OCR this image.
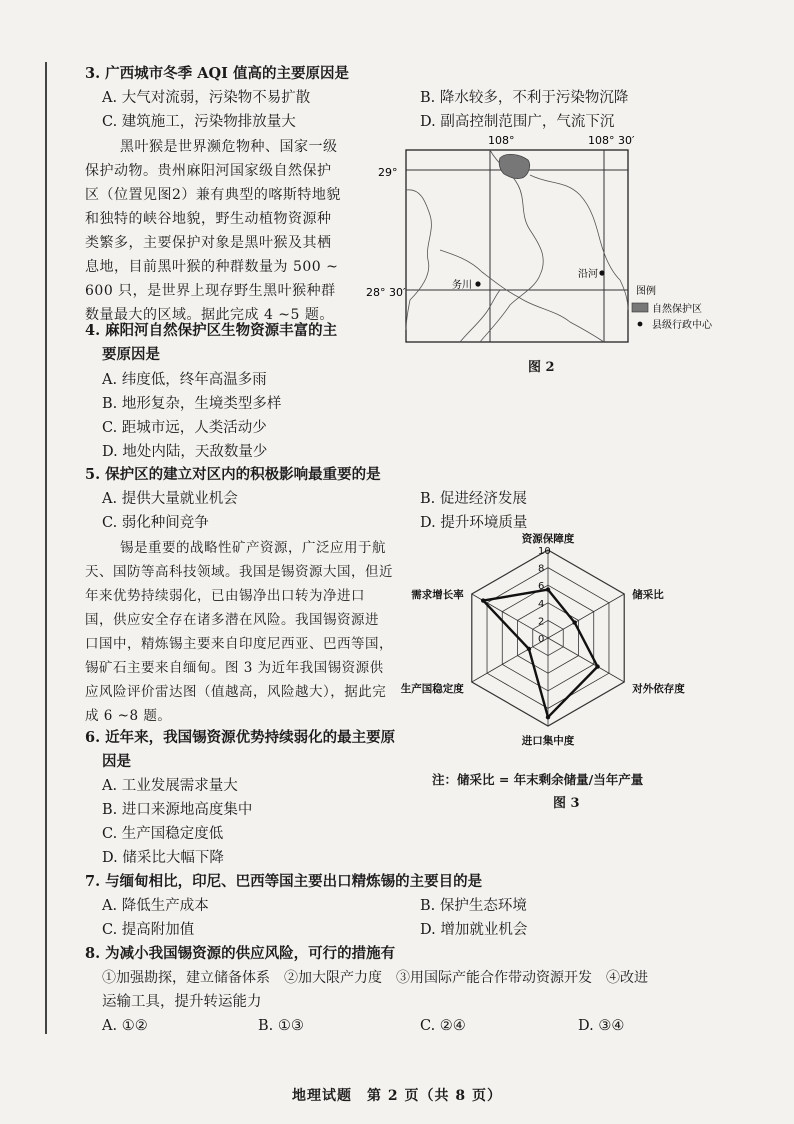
3. 广西城市冬季 AQI 值高的主要原因是
A. 大气对流弱，污染物不易扩散	B. 降水较多，不利于污染物沉降
C. 建筑施工，污染物排放量大	D. 副高控制范围广，气流下沉
黑叶猴是世界濒危物种、国家一级
保护动物。贵州麻阳河国家级自然保护
区（位置见图2）兼有典型的喀斯特地貌
和独特的峡谷地貌，野生动植物资源种
类繁多，主要保护对象是黑叶猴及其栖
息地，目前黑叶猴的种群数量为 500 ~
600 只，是世界上现存野生黑叶猴种群
数量最大的区域。据此完成 4 ~5 题。
108°	108° 30′
29°
28° 30′
务川
沿河
图例
自然保护区
县级行政中心
图 2
4. 麻阳河自然保护区生物资源丰富的主
要原因是
A. 纬度低，终年高温多雨
B. 地形复杂，生境类型多样
C. 距城市远，人类活动少
D. 地处内陆，天敌数量少
5. 保护区的建立对区内的积极影响最重要的是
A. 提供大量就业机会	B. 促进经济发展
C. 弱化种间竞争	D. 提升环境质量
锡是重要的战略性矿产资源，广泛应用于航
天、国防等高科技领域。我国是锡资源大国，但近
年来优势持续弱化，已由锡净出口转为净进口
国，供应安全存在诸多潜在风险。我国锡资源进
口国中，精炼锡主要来自印度尼西亚、巴西等国，
锡矿石主要来自缅甸。图 3 为近年我国锡资源供
应风险评价雷达图（值越高，风险越大），据此完
成 6 ~8 题。
0
2
4
6
8
10
资源保障度
储采比
对外依存度
进口集中度
生产国稳定度
需求增长率
注：储采比 = 年末剩余储量/当年产量
图 3
6. 近年来，我国锡资源优势持续弱化的最主要原
因是
A. 工业发展需求量大
B. 进口来源地高度集中
C. 生产国稳定度低
D. 储采比大幅下降
7. 与缅甸相比，印尼、巴西等国主要出口精炼锡的主要目的是
A. 降低生产成本	B. 保护生态环境
C. 提高附加值	D. 增加就业机会
8. 为减小我国锡资源的供应风险，可行的措施有
①加强勘探，建立储备体系　②加大限产力度　③用国际产能合作带动资源开发　④改进
运输工具，提升转运能力
A. ①②	B. ①③	C. ②④	D. ③④
地理试题　第 2 页（共 8 页）
